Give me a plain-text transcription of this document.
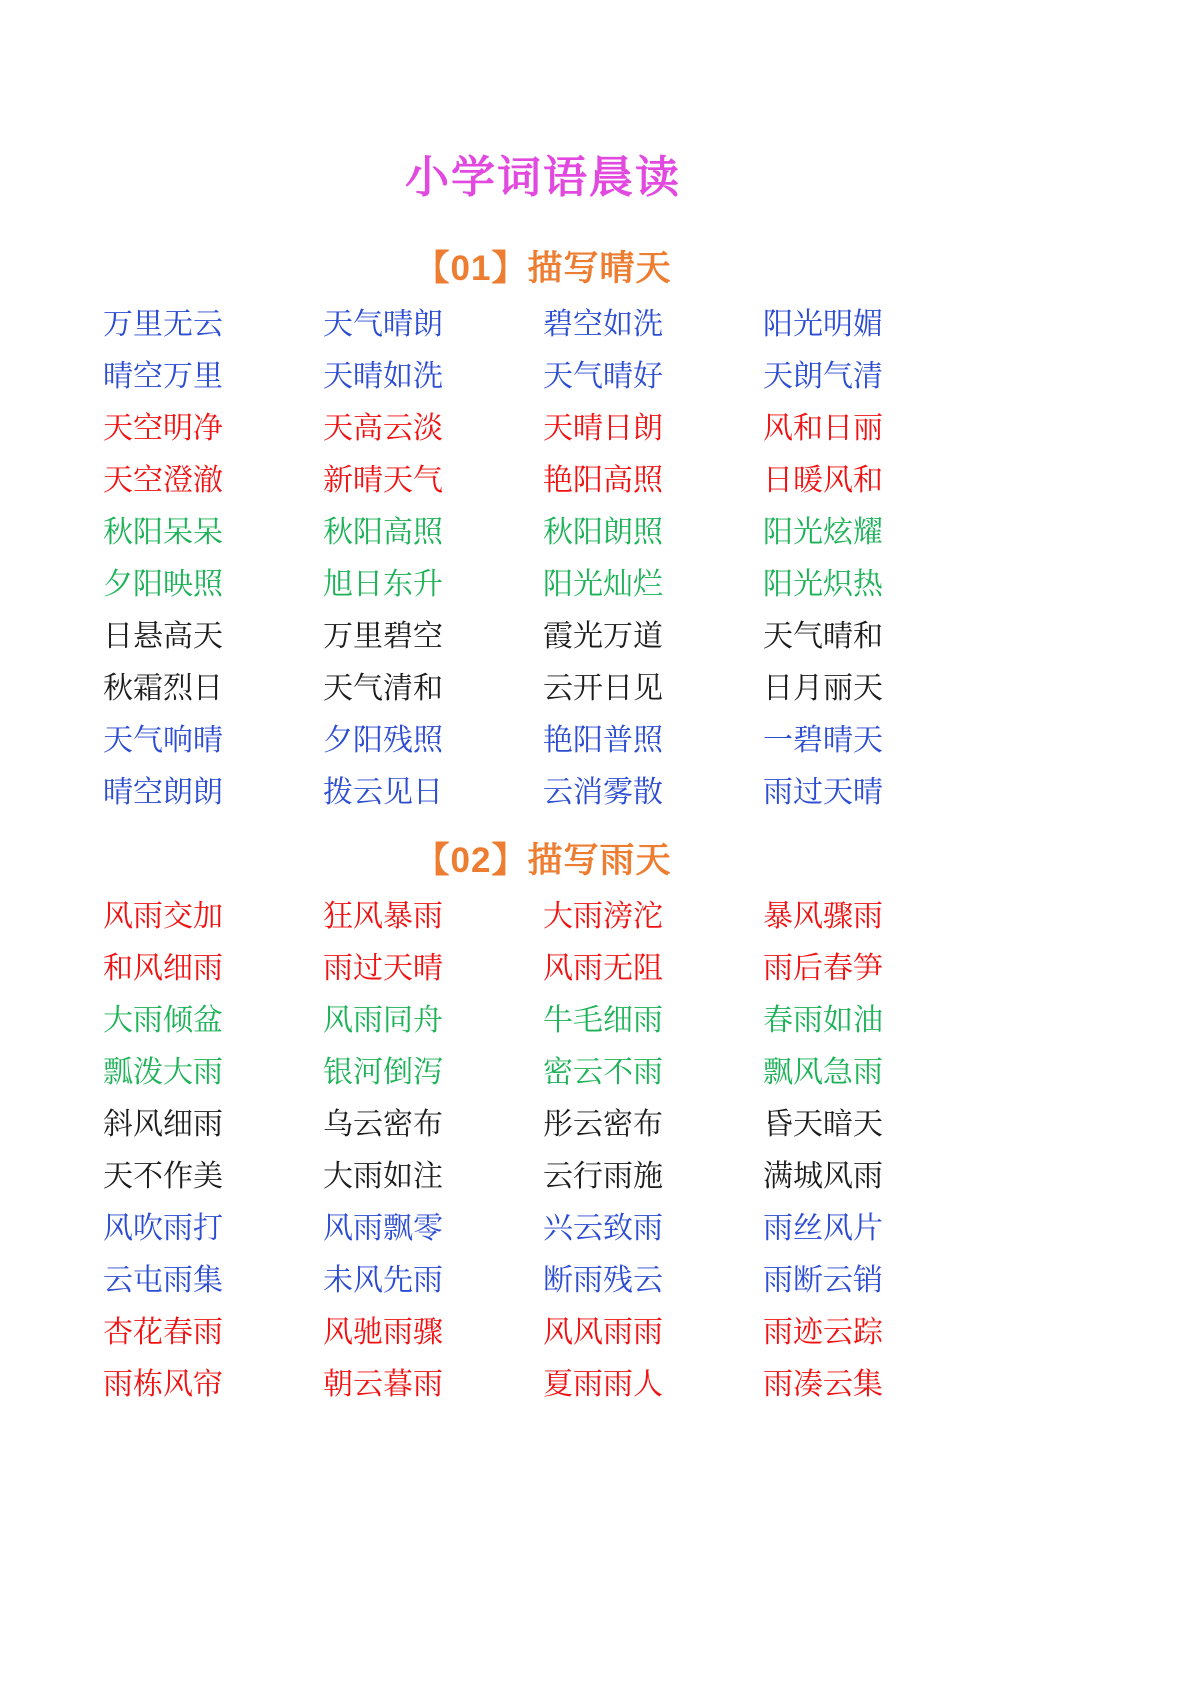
小学词语晨读
【01】描写晴天
万里无云	天气晴朗	碧空如洗	阳光明媚
晴空万里	天晴如洗	天气晴好	天朗气清
天空明净	天高云淡	天晴日朗	风和日丽
天空澄澈	新晴天气	艳阳高照	日暖风和
秋阳呆呆	秋阳高照	秋阳朗照	阳光炫耀
夕阳映照	旭日东升	阳光灿烂	阳光炽热
日悬高天	万里碧空	霞光万道	天气晴和
秋霜烈日	天气清和	云开日见	日月丽天
天气响晴	夕阳残照	艳阳普照	一碧晴天
晴空朗朗	拨云见日	云消雾散	雨过天晴
【02】描写雨天
风雨交加	狂风暴雨	大雨滂沱	暴风骤雨
和风细雨	雨过天晴	风雨无阻	雨后春笋
大雨倾盆	风雨同舟	牛毛细雨	春雨如油
瓢泼大雨	银河倒泻	密云不雨	飘风急雨
斜风细雨	乌云密布	彤云密布	昏天暗天
天不作美	大雨如注	云行雨施	满城风雨
风吹雨打	风雨飘零	兴云致雨	雨丝风片
云屯雨集	未风先雨	断雨残云	雨断云销
杏花春雨	风驰雨骤	风风雨雨	雨迹云踪
雨栋风帘	朝云暮雨	夏雨雨人	雨凑云集
